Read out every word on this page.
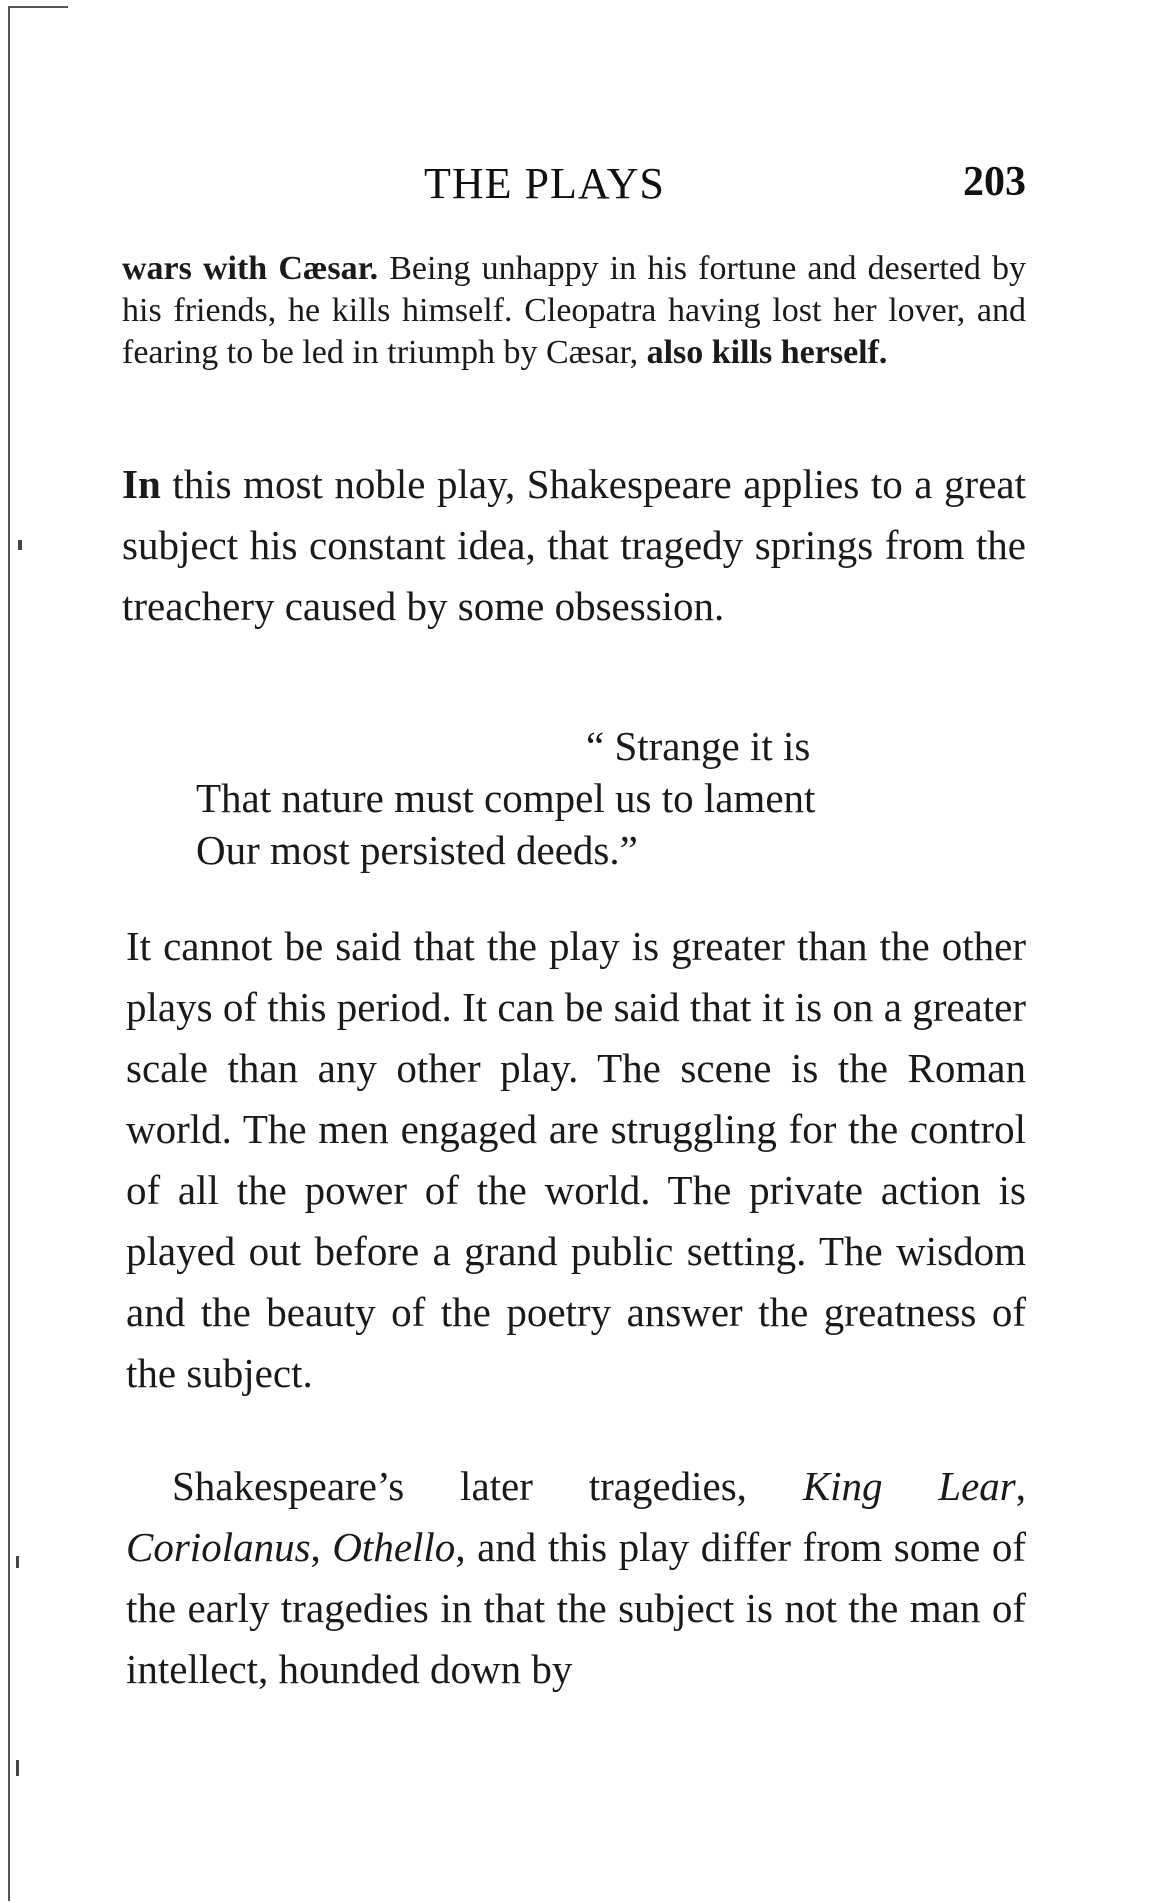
THE PLAYS	203
wars with Cæsar. Being unhappy in his fortune and deserted by his friends, he kills himself. Cleopatra having lost her lover, and fearing to be led in triumph by Cæsar, also kills herself.

In this most noble play, Shakespeare applies to a great subject his constant idea, that tragedy springs from the treachery caused by some obsession.

“ Strange it is
That nature must compel us to lament
Our most persisted deeds.”

It cannot be said that the play is greater than the other plays of this period. It can be said that it is on a greater scale than any other play. The scene is the Roman world. The men engaged are struggling for the control of all the power of the world. The private action is played out before a grand public setting. The wisdom and the beauty of the poetry answer the greatness of the subject.

Shakespeare’s later tragedies, King Lear, Coriolanus, Othello, and this play differ from some of the early tragedies in that the subject is not the man of intellect, hounded down by
